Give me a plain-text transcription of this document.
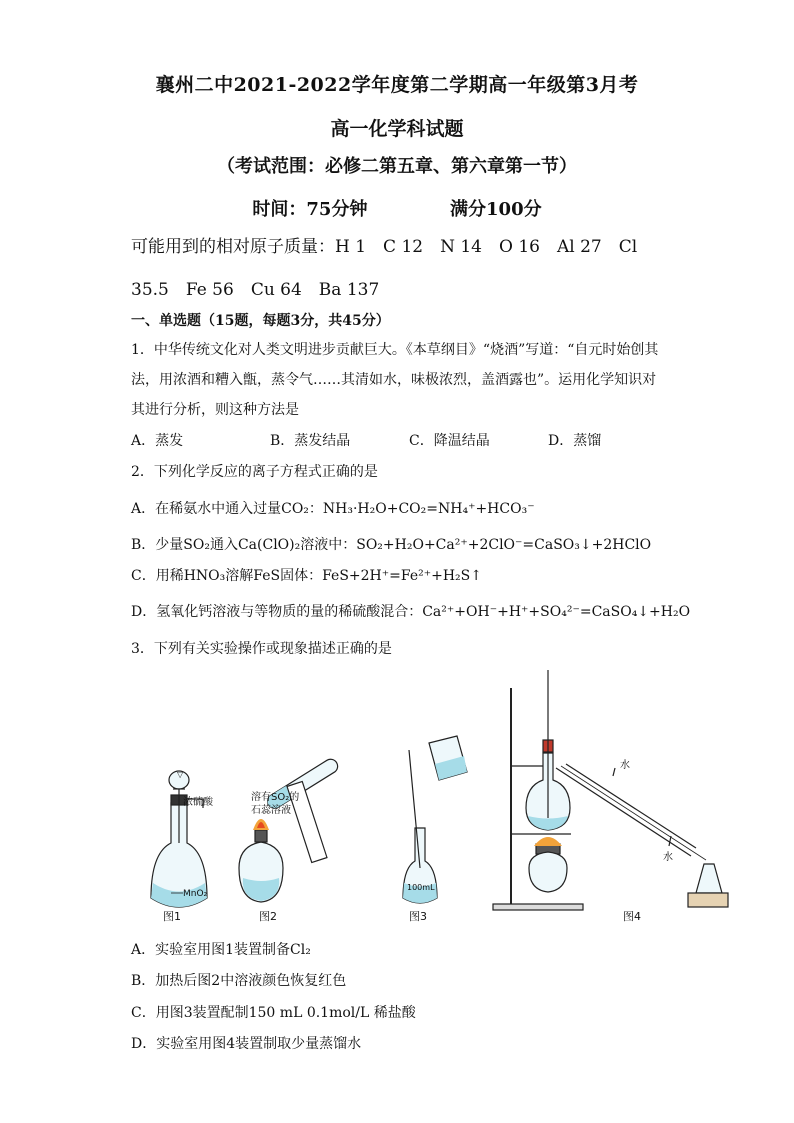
襄州二中2021-2022学年度第二学期高一年级第3月考
高一化学科试题
（考试范围：必修二第五章、第六章第一节）
时间：75分钟	满分100分
可能用到的相对原子质量：H 1　C 12　N 14　O 16　Al 27　Cl
35.5　Fe 56　Cu 64　Ba 137
一、单选题（15题，每题3分，共45分）
1．中华传统文化对人类文明进步贡献巨大。《本草纲目》“烧酒”写道：“自元时始创其
法，用浓酒和糟入甑，蒸令气……其清如水，味极浓烈，盖酒露也”。运用化学知识对
其进行分析，则这种方法是
A．蒸发	B．蒸发结晶	C．降温结晶	D．蒸馏
2．下列化学反应的离子方程式正确的是
A．在稀氨水中通入过量CO₂：NH₃·H₂O+CO₂=NH₄⁺+HCO₃⁻
B．少量SO₂通入Ca(ClO)₂溶液中：SO₂+H₂O+Ca²⁺+2ClO⁻=CaSO₃↓+2HClO
C．用稀HNO₃溶解FeS固体：FeS+2H⁺=Fe²⁺+H₂S↑
D．氢氧化钙溶液与等物质的量的稀硫酸混合：Ca²⁺+OH⁻+H⁺+SO₄²⁻=CaSO₄↓+H₂O
3．下列有关实验操作或现象描述正确的是
▽
浓硫酸
MnO₂
图1
溶有SO₂的
石蕊溶液
图2
100mL
图3
水
水
图4
A．实验室用图1装置制备Cl₂
B．加热后图2中溶液颜色恢复红色
C．用图3装置配制150 mL 0.1mol/L 稀盐酸
D．实验室用图4装置制取少量蒸馏水
